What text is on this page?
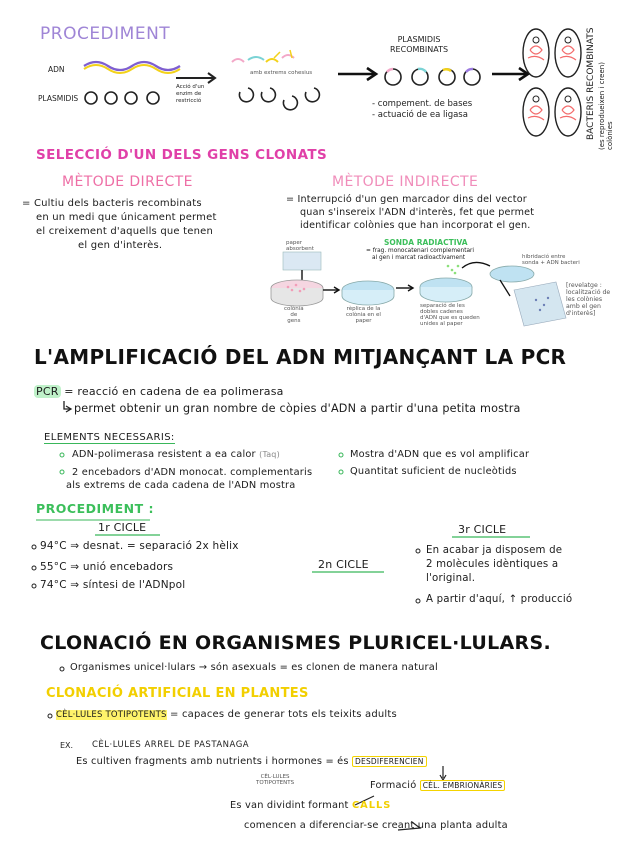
PROCEDIMENT
ADN
PLASMIDIS
Acció d'un
enzim de
restricció
amb extrems cohesius
PLASMIDIS
RECOMBINATS
- compement. de bases
- actuació de ea ligasa	BACTERIS RECOMBINATS (es reprodueixen i creen) colònies
SELECCIÓ D'UN DELS GENS CLONATS
MÈTODE DIRECTE
= Cultiu dels bacteris recombinats
en un medi que únicament permet
el creixement d'aquells que tenen
el gen d'interès.
MÈTODE INDIRECTE
= Interrupció d'un gen marcador dins del vector
quan s'insereix l'ADN d'interès, fet que permet
identificar colònies que han incorporat el gen.
SONDA RADIACTIVA
= frag. monocatenari complementari
al gen i marcat radioactivament
paper
absorbent
hibridació entre
sonda + ADN bacteri
colònia
de
gens
rèplica de la
colònia en el
paper
separació de les
dobles cadenes
d'ADN que es queden
unides al paper
[revelatge :
localització de
les colònies
amb el gen
d'interès]
L'AMPLIFICACIÓ DEL ADN MITJANÇANT LA PCR
PCR = reacció en cadena de ea polimerasa
permet obtenir un gran nombre de còpies d'ADN a partir d'una petita mostra
ELEMENTS NECESSARIS:
ADN-polimerasa resistent a ea calor (Taq)
2 encebadors d'ADN monocat. complementaris
als extrems de cada cadena de l'ADN mostra
Mostra d'ADN que es vol amplificar
Quantitat suficient de nucleòtids
PROCEDIMENT :
1r CICLE
94°C ⇒ desnat. = separació 2x hèlix
55°C ⇒ unió encebadors
74°C ⇒ síntesi de l'ADNpol
2n CICLE
3r CICLE
En acabar ja disposem de
2 molècules idèntiques a
l'original.
A partir d'aquí, ↑ producció
CLONACIÓ EN ORGANISMES PLURICEL·LULARS.
Organismes unicel·lulars → són asexuals = es clonen de manera natural
CLONACIÓ ARTIFICIAL EN PLANTES
CÈL·LULES TOTIPOTENTS = capaces de generar tots els teixits adults
EX. CÈL·LULES ARREL DE PASTANAGA
Es cultiven fragments amb nutrients i hormones = és DESDIFERENCIEN
CÈL·LULES
TOTIPOTENTS	Formació CÈL. EMBRIONÀRIES
Es van dividint formant CALLS
comencen a diferenciar-se creant una planta adulta
